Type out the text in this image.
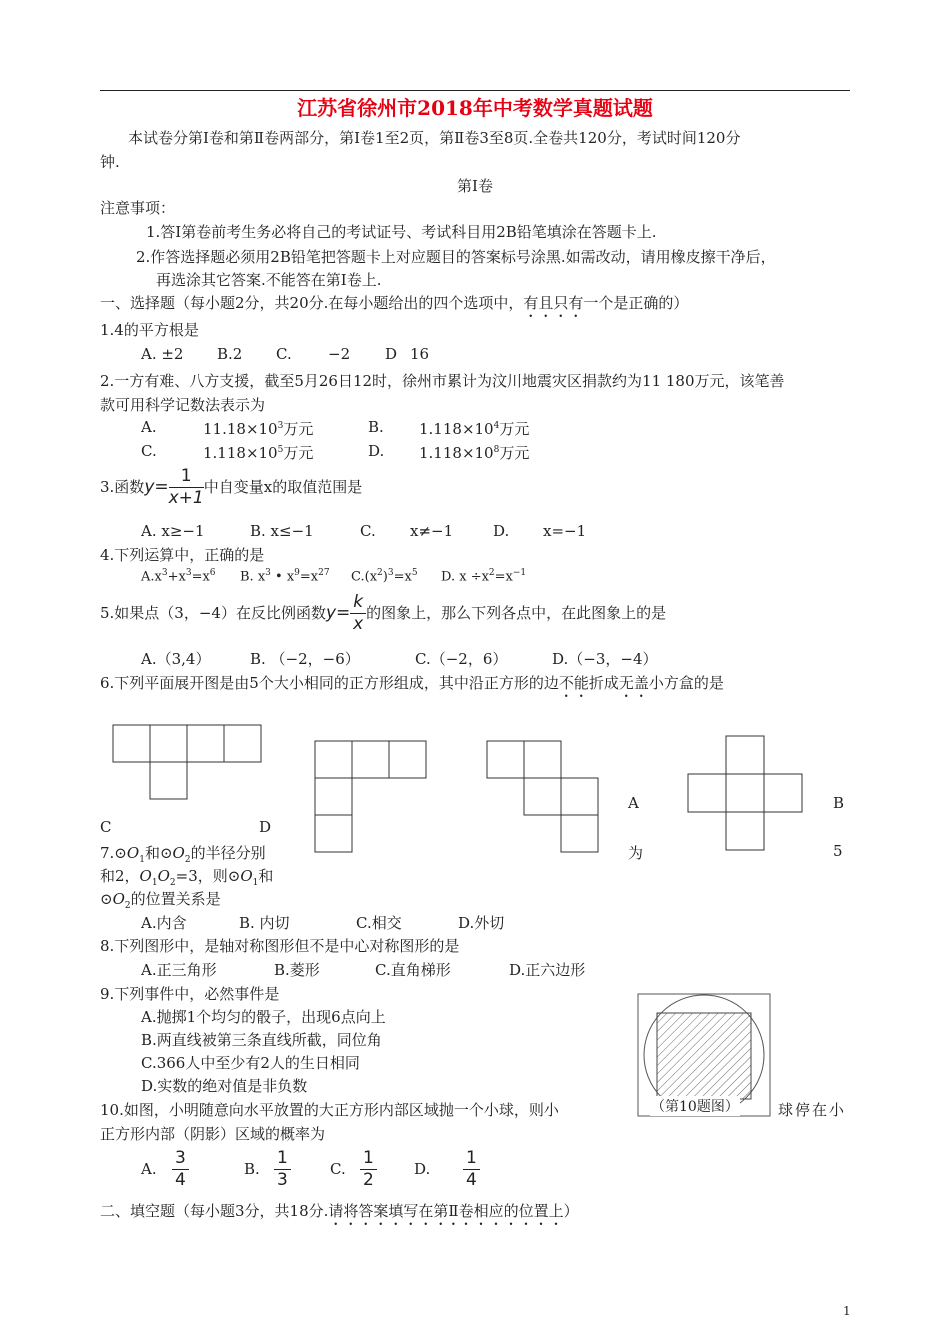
江苏省徐州市2018年中考数学真题试题
本试卷分第Ⅰ卷和第Ⅱ卷两部分，第Ⅰ卷1至2页，第Ⅱ卷3至8页.全卷共120分，考试时间120分
钟.
第Ⅰ卷
注意事项：
1.答Ⅰ第卷前考生务必将自己的考试证号、考试科目用2B铅笔填涂在答题卡上.
2.作答选择题必须用2B铅笔把答题卡上对应题目的答案标号涂黑.如需改动，请用橡皮擦干净后，
再选涂其它答案.不能答在第Ⅰ卷上.
一、选择题（每小题2分，共20分.在每小题给出的四个选项中，有且只有一个是正确的）
1.4的平方根是
A. ±2 B.2 C. −2 D 16
2.一方有难、八方支援，截至5月26日12时，徐州市累计为汶川地震灾区捐款约为11 180万元，该笔善
款可用科学记数法表示为
A.	$11.18\times 10^3$万元	B. $1.118\times 10^4$万元
C.	$1.118\times 10^5$万元	D. $1.118\times 10^8$万元
3.函数$y= \frac{1}{x+1}$ 中自变量x的取值范围是
A. x≥−1	B. x≤−1	C. x≠−1	D. x=−1
4.下列运算中，正确的是
$A.x^3+x^3=x^6$ B. $x^3$ • $x^9=x^{27}$ $C.(x^2)^3=x^5$ D. $x \div x^2=x^{-1}$
5.如果点（3，−4）在反比例函数$y= \frac{k}{x}$ 的图象上，那么下列各点中，在此图象上的是
A.（3,4）	B. （−2，−6）	C.（−2，6）	D.（−3，−4）
6.下列平面展开图是由5个大小相同的正方形组成，其中沿正方形的边不能折成无盖小方盒的是
A	B
C	D
$7.⊙O_1$和$⊙O_2$的半径分别	为	5
和2，$O_1O_2=3$，则$⊙O_1$和
$⊙O_2$的位置关系是
A.内含	B. 内切	C.相交	D.外切
8.下列图形中，是轴对称图形但不是中心对称图形的是
A.正三角形	B.菱形	C.直角梯形	D.正六边形
9.下列事件中，必然事件是
A.抛掷1个均匀的骰子，出现6点向上
B.两直线被第三条直线所截，同位角
C.366人中至少有2人的生日相同
D.实数的绝对值是非负数
（第10题图）
10.如图，小明随意向水平放置的大正方形内部区域抛一个小球，则小	球停在小
正方形内部（阴影）区域的概率为
A. $\frac{3}{4}$	B. $\frac{1}{3}$	C. $\frac{1}{2} D$. $\frac{1}{4}$
二、填空题（每小题3分，共18分.请将答案填写在第Ⅱ卷相应的位置上）
1
